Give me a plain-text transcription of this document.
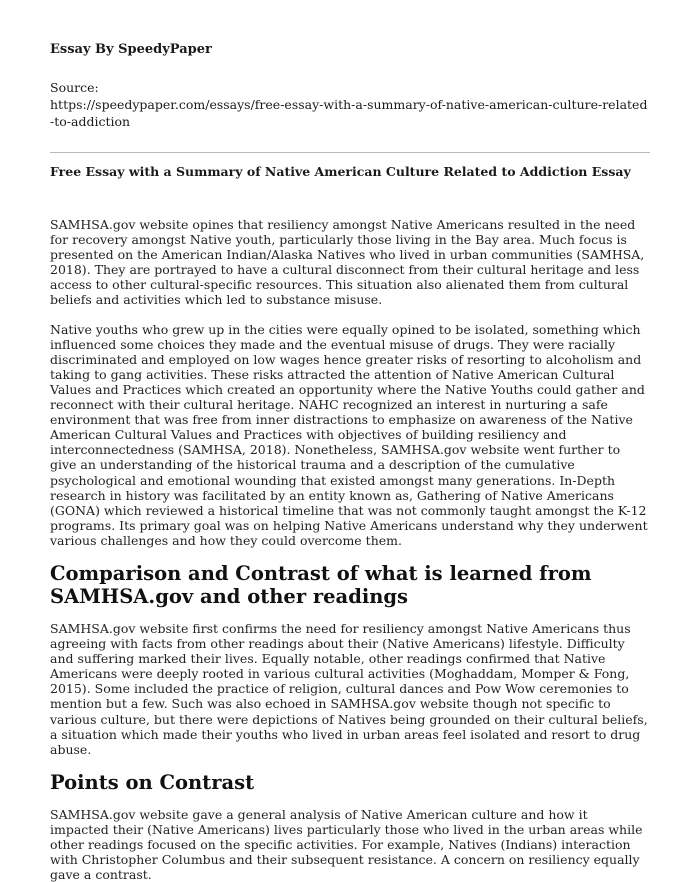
Essay By SpeedyPaper
Source:
https://speedypaper.com/essays/free-essay-with-a-summary-of-native-american-culture-related-to-addiction
Free Essay with a Summary of Native American Culture Related to Addiction Essay

SAMHSA.gov website opines that resiliency amongst Native Americans resulted in the need for recovery amongst Native youth, particularly those living in the Bay area. Much focus is presented on the American Indian/Alaska Natives who lived in urban communities (SAMHSA, 2018). They are portrayed to have a cultural disconnect from their cultural heritage and less access to other cultural-specific resources. This situation also alienated them from cultural beliefs and activities which led to substance misuse.

Native youths who grew up in the cities were equally opined to be isolated, something which influenced some choices they made and the eventual misuse of drugs. They were racially discriminated and employed on low wages hence greater risks of resorting to alcoholism and taking to gang activities. These risks attracted the attention of Native American Cultural Values and Practices which created an opportunity where the Native Youths could gather and reconnect with their cultural heritage. NAHC recognized an interest in nurturing a safe environment that was free from inner distractions to emphasize on awareness of the Native American Cultural Values and Practices with objectives of building resiliency and interconnectedness (SAMHSA, 2018). Nonetheless, SAMHSA.gov website went further to give an understanding of the historical trauma and a description of the cumulative psychological and emotional wounding that existed amongst many generations. In-Depth research in history was facilitated by an entity known as, Gathering of Native Americans (GONA) which reviewed a historical timeline that was not commonly taught amongst the K-12 programs. Its primary goal was on helping Native Americans understand why they underwent various challenges and how they could overcome them.

Comparison and Contrast of what is learned from SAMHSA.gov and other readings

SAMHSA.gov website first confirms the need for resiliency amongst Native Americans thus agreeing with facts from other readings about their (Native Americans) lifestyle. Difficulty and suffering marked their lives. Equally notable, other readings confirmed that Native Americans were deeply rooted in various cultural activities (Moghaddam, Momper & Fong, 2015). Some included the practice of religion, cultural dances and Pow Wow ceremonies to mention but a few. Such was also echoed in SAMHSA.gov website though not specific to various culture, but there were depictions of Natives being grounded on their cultural beliefs, a situation which made their youths who lived in urban areas feel isolated and resort to drug abuse.

Points on Contrast

SAMHSA.gov website gave a general analysis of Native American culture and how it impacted their (Native Americans) lives particularly those who lived in the urban areas while other readings focused on the specific activities. For example, Natives (Indians) interaction with Christopher Columbus and their subsequent resistance. A concern on resiliency equally gave a contrast.
